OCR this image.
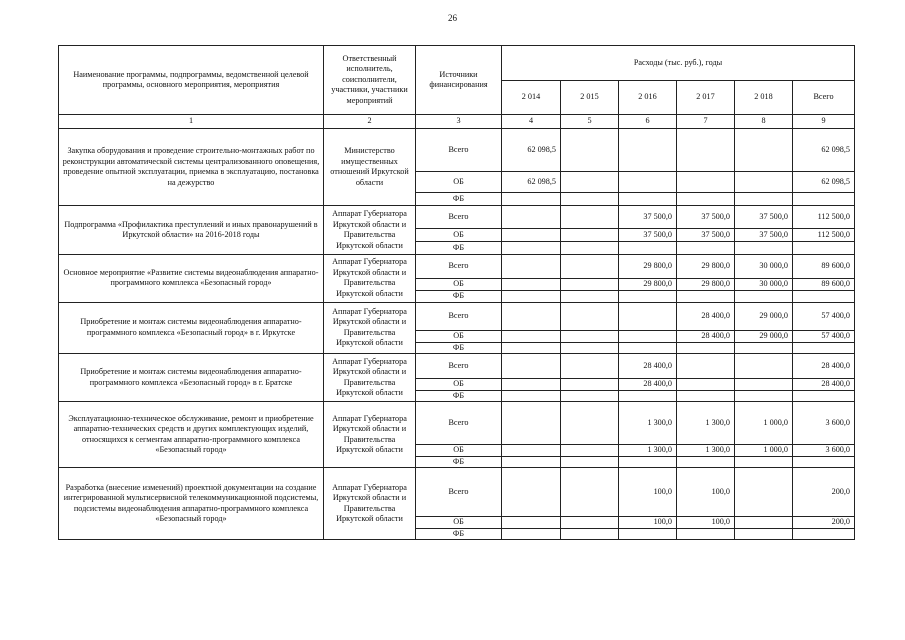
26
Наименование программы, подпрограммы, ведомственной целевой программы, основного мероприятия, мероприятия	Ответственный исполнитель, соисполнители, участники, участники мероприятий	Источники финансирования	Расходы (тыс. руб.), годы					
			2 014	2 015	2 016	2 017	2 018	Всего
1	2	3	4	5	6	7	8	9
Закупка оборудования и проведение строительно-монтажных работ по реконструкции автоматической системы централизованного оповещения, проведение опытной эксплуатации, приемка в эксплуатацию, постановка на дежурство	Министерство имущественных отношений Иркутской области	Всего	62 098,5					62 098,5
		ОБ	62 098,5					62 098,5
		ФБ						
Подпрограмма «Профилактика преступлений и иных правонарушений в Иркутской области» на 2016-2018 годы	Аппарат Губернатора Иркутской области и Правительства Иркутской области	Всего			37 500,0	37 500,0	37 500,0	112 500,0
		ОБ			37 500,0	37 500,0	37 500,0	112 500,0
		ФБ						
Основное мероприятие «Развитие системы видеонаблюдения аппаратно-программного комплекса «Безопасный город»	Аппарат Губернатора Иркутской области и Правительства Иркутской области	Всего			29 800,0	29 800,0	30 000,0	89 600,0
		ОБ			29 800,0	29 800,0	30 000,0	89 600,0
		ФБ						
Приобретение и монтаж системы видеонаблюдения аппаратно-программного комплекса «Безопасный город» в г. Иркутске	Аппарат Губернатора Иркутской области и Правительства Иркутской области	Всего				28 400,0	29 000,0	57 400,0
		ОБ				28 400,0	29 000,0	57 400,0
		ФБ						
Приобретение и монтаж системы видеонаблюдения аппаратно-программного комплекса «Безопасный город» в г. Братске	Аппарат Губернатора Иркутской области и Правительства Иркутской области	Всего			28 400,0			28 400,0
		ОБ			28 400,0			28 400,0
		ФБ						
Эксплуатационно-техническое обслуживание, ремонт и приобретение аппаратно-технических средств и других комплектующих изделий, относящихся к сегментам аппаратно-программного комплекса «Безопасный город»	Аппарат Губернатора Иркутской области и Правительства Иркутской области	Всего			1 300,0	1 300,0	1 000,0	3 600,0
		ОБ			1 300,0	1 300,0	1 000,0	3 600,0
		ФБ						
Разработка (внесение изменений) проектной документации на создание интегрированной мультисервисной телекоммуникационной подсистемы, подсистемы видеонаблюдения аппаратно-программного комплекса «Безопасный город»	Аппарат Губернатора Иркутской области и Правительства Иркутской области	Всего			100,0	100,0		200,0
		ОБ			100,0	100,0		200,0
		ФБ						
